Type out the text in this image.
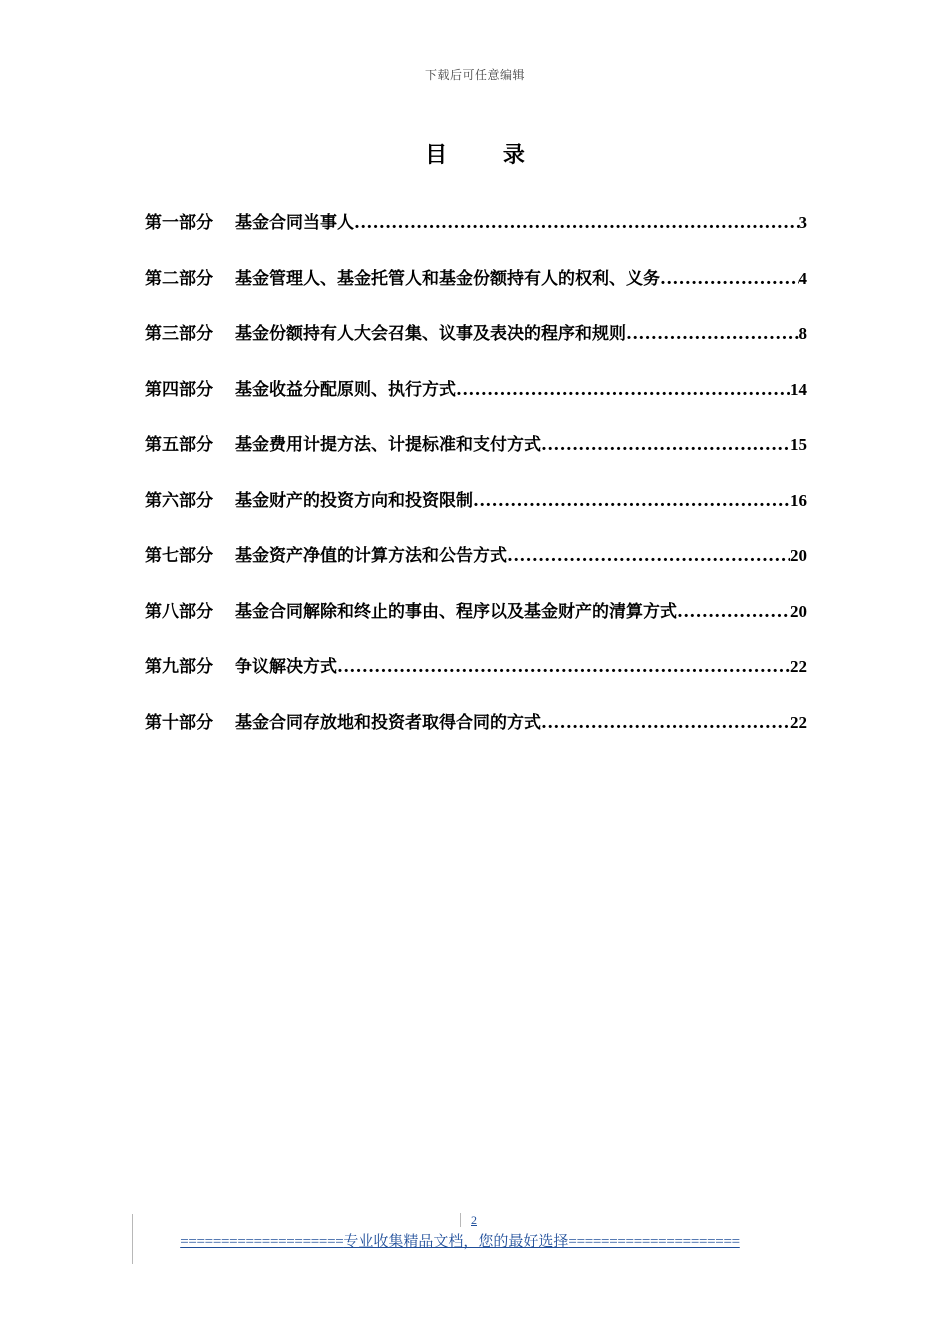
下载后可任意编辑
目 录
第一部分	基金合同当事人 .....	3
第二部分	基金管理人、基金托管人和基金份额持有人的权利、义务 .....	4
第三部分	基金份额持有人大会召集、议事及表决的程序和规则 .....	8
第四部分	基金收益分配原则、执行方式 .....	14
第五部分	基金费用计提方法、计提标准和支付方式 .....	15
第六部分	基金财产的投资方向和投资限制 .....	16
第七部分	基金资产净值的计算方法和公告方式 .....	20
第八部分	基金合同解除和终止的事由、程序以及基金财产的清算方式 .....	20
第九部分	争议解决方式 .....	22
第十部分	基金合同存放地和投资者取得合同的方式 .....	22
2
====================专业收集精品文档，您的最好选择=====================
